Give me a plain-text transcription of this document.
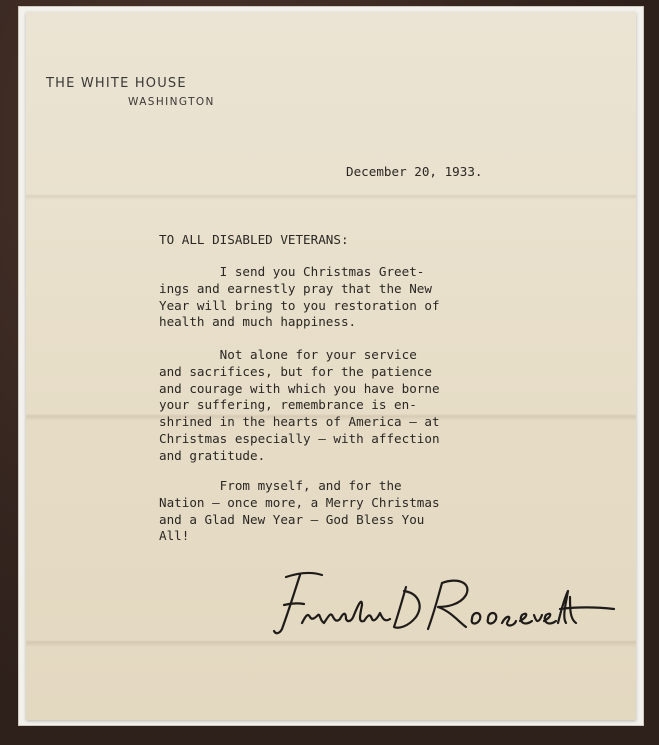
THE WHITE HOUSE

WASHINGTON

December 20, 1933.

TO ALL DISABLED VETERANS:

I send you Christmas Greet-
ings and earnestly pray that the New
Year will bring to you restoration of
health and much happiness.

Not alone for your service
and sacrifices, but for the patience
and courage with which you have borne
your suffering, remembrance is en-
shrined in the hearts of America — at
Christmas especially — with affection
and gratitude.

From myself, and for the
Nation — once more, a Merry Christmas
and a Glad New Year — God Bless You
All!
